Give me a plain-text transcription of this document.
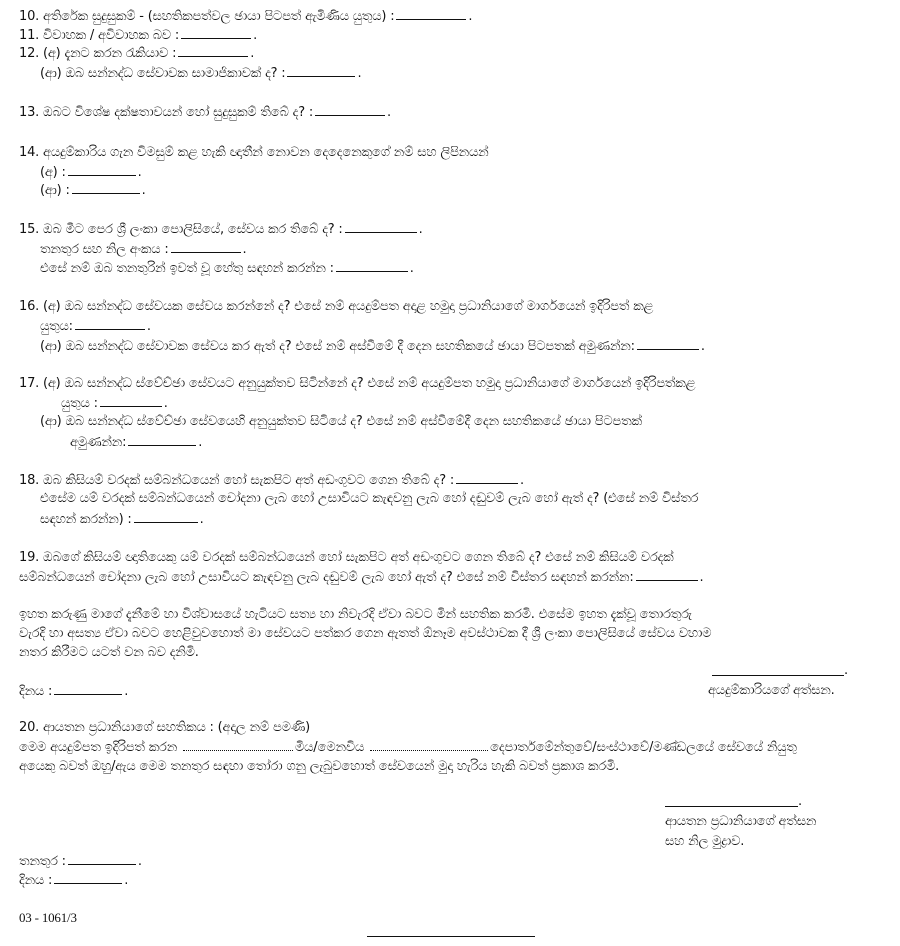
10. අතිරේක සුදුසුකම් - (සහතිකපත්වල ඡායා පිටපත් ඇමිණිය යුතුය) :	.
11. විවාහක / අවිවාහක බව :	.
12. (අ) දැනට කරන රැකියාව :	.
(ආ) ඔබ සන්නද්ධ සේවාවක සාමාජිකාවක් ද? :	.
13. ඔබට විශේෂ දක්ෂතාවයන් හෝ සුදුසුකම් තිබේ ද? :	.
14. අයදුම්කාරිය ගැන විමසුම් කළ හැකි ඥාතීන් නොවන දෙදෙනෙකුගේ නම් සහ ලිපිනයන්
(අ) :	.
(ආ) :	.
15. ඔබ මීට පෙර ශ්‍රී ලංකා පොලිසියේ, සේවය කර තිබේ ද? :	.
තනතුර සහ නිල අංකය :	.
එසේ නම් ඔබ තනතුරින් ඉවත් වූ හේතු සඳහන් කරන්න :	.
16. (අ) ඔබ සන්නද්ධ සේවයක සේවය කරන්නේ ද? එසේ නම් අයදුම්පත අදාළ හමුදා ප්‍රධානියාගේ මාර්ගයෙන් ඉදිරිපත් කළ
යුතුය:	.
(ආ) ඔබ සන්නද්ධ සේවාවක සේවය කර ඇත් ද? එසේ නම් අස්වීමේ දී දෙන සහතිකයේ ඡායා පිටපතක් අමුණන්න:	.
17. (අ) ඔබ සන්නද්ධ ස්වේච්ඡා සේවයට අනුයුක්තව සිටින්නේ ද? එසේ නම් අයදුම්පත හමුදා ප්‍රධානියාගේ මාර්ගයෙන් ඉදිරිපත්කළ
යුතුය :	.
(ආ) ඔබ සන්නද්ධ ස්වේච්ඡා සේවයෙහි අනුයුක්තව සිටියේ ද? එසේ නම් අස්වීමේදී දෙන සහතිකයේ ඡායා පිටපතක්
අමුණන්න:	.
18. ඔබ කිසියම් වරදක් සම්බන්ධයෙන් හෝ සැකපිට අත් අඩංගුවට ගෙන තිබේ ද? :	.
එසේම යම් වරදක් සම්බන්ධයෙන් චෝදනා ලැබ හෝ උසාවියට කැඳවනු ලැබ හෝ දඬුවම් ලැබ හෝ ඇත් ද? (එසේ නම් විස්තර
සඳහන් කරන්න) :	.
19. ඔබගේ කිසියම් ඥාතියෙකු යම් වරදක් සම්බන්ධයෙන් හෝ සැකපිට අත් අඩංගුවට ගෙන තිබේ ද? එසේ නම් කිසියම් වරදක්
සම්බන්ධයෙන් චෝදනා ලැබ හෝ උසාවියට කැඳවනු ලැබ දඬුවම් ලැබ හෝ ඇත් ද? එසේ නම් විස්තර සඳහන් කරන්න:	.
ඉහත කරුණු මාගේ දැනීමේ හා විශ්වාසයේ හැටියට සත්‍ය හා නිවැරදි ඒවා බවට මින් සහතික කරමි. එසේම ඉහත දැක්වූ තොරතුරු
වැරදි හා අසත්‍ය ඒවා බවට හෙළිවුවහොත් මා සේවයට පත්කර ගෙන ඇතත් ඕනෑම අවස්ථාවක දී ශ්‍රී ලංකා පොලිසියේ සේවය වහාම
නතර කිරීමට යටත් වන බව දනිමි.
.
දිනය :	.	අයදුම්කාරියගේ අත්සන.
20. ආයතන ප්‍රධානියාගේ සහතිකය : (අදාල නම් පමණි)
මෙම අයදුම්පත ඉදිරිපත් කරන	මිය/මෙනවිය	දෙපාර්තමේන්තුවේ/සංස්ථාවේ/මණ්ඩලයේ සේවයේ නියුතු
අයෙකු බවත් ඔහු/ඇය මෙම තනතුර සඳහා තෝරා ගනු ලැබුවහොත් සේවයෙන් මුදා හැරිය හැකි බවත් ප්‍රකාශ කරමි.
.
ආයතන ප්‍රධානියාගේ අත්සන
සහ නිල මුද්‍රාව.
තනතුර :	.
දිනය :	.
03 - 1061/3
